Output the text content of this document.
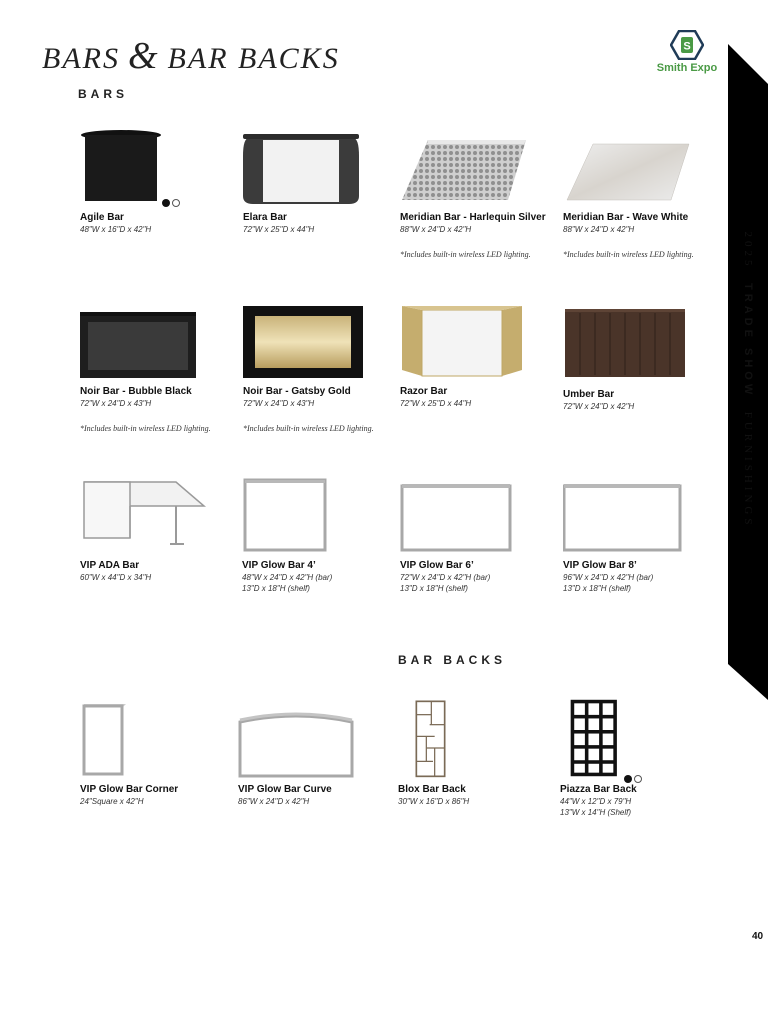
BARS & BAR BACKS	S
Smith Expo
2025  TRADE SHOW  FURNISHINGS
BARS
BAR BACKS
Agile Bar
48"W x 16"D x 42"H
Elara Bar
72"W x 25"D x 44"H
Meridian Bar - Harlequin Silver
88"W x 24"D x 42"H
Meridian Bar - Wave White
88"W x 24"D x 42"H
*Includes built-in wireless LED lighting.	*Includes built-in wireless LED lighting.
Noir Bar - Bubble Black
72"W x 24"D x 43"H
Noir Bar - Gatsby Gold
72"W x 24"D x 43"H
Razor Bar
72"W x 25"D x 44"H
Umber Bar
72"W x 24"D x 42"H
*Includes built-in wireless LED lighting.	*Includes built-in wireless LED lighting.
VIP ADA Bar
60"W x 44"D x 34"H
VIP Glow Bar 4’
48"W x 24"D x 42"H (bar)
13"D x 18"H (shelf)
VIP Glow Bar 6’
72"W x 24"D x 42"H (bar)
13"D x 18"H (shelf)
VIP Glow Bar 8’
96"W x 24"D x 42"H (bar)
13"D x 18"H (shelf)
VIP Glow Bar Corner
24"Square x 42"H
VIP Glow Bar Curve
86"W x 24"D x 42"H
Blox Bar Back
30"W x 16"D x 86"H
Piazza Bar Back
44"W x 12"D x 79"H
13"W x 14"H (Shelf)
40
